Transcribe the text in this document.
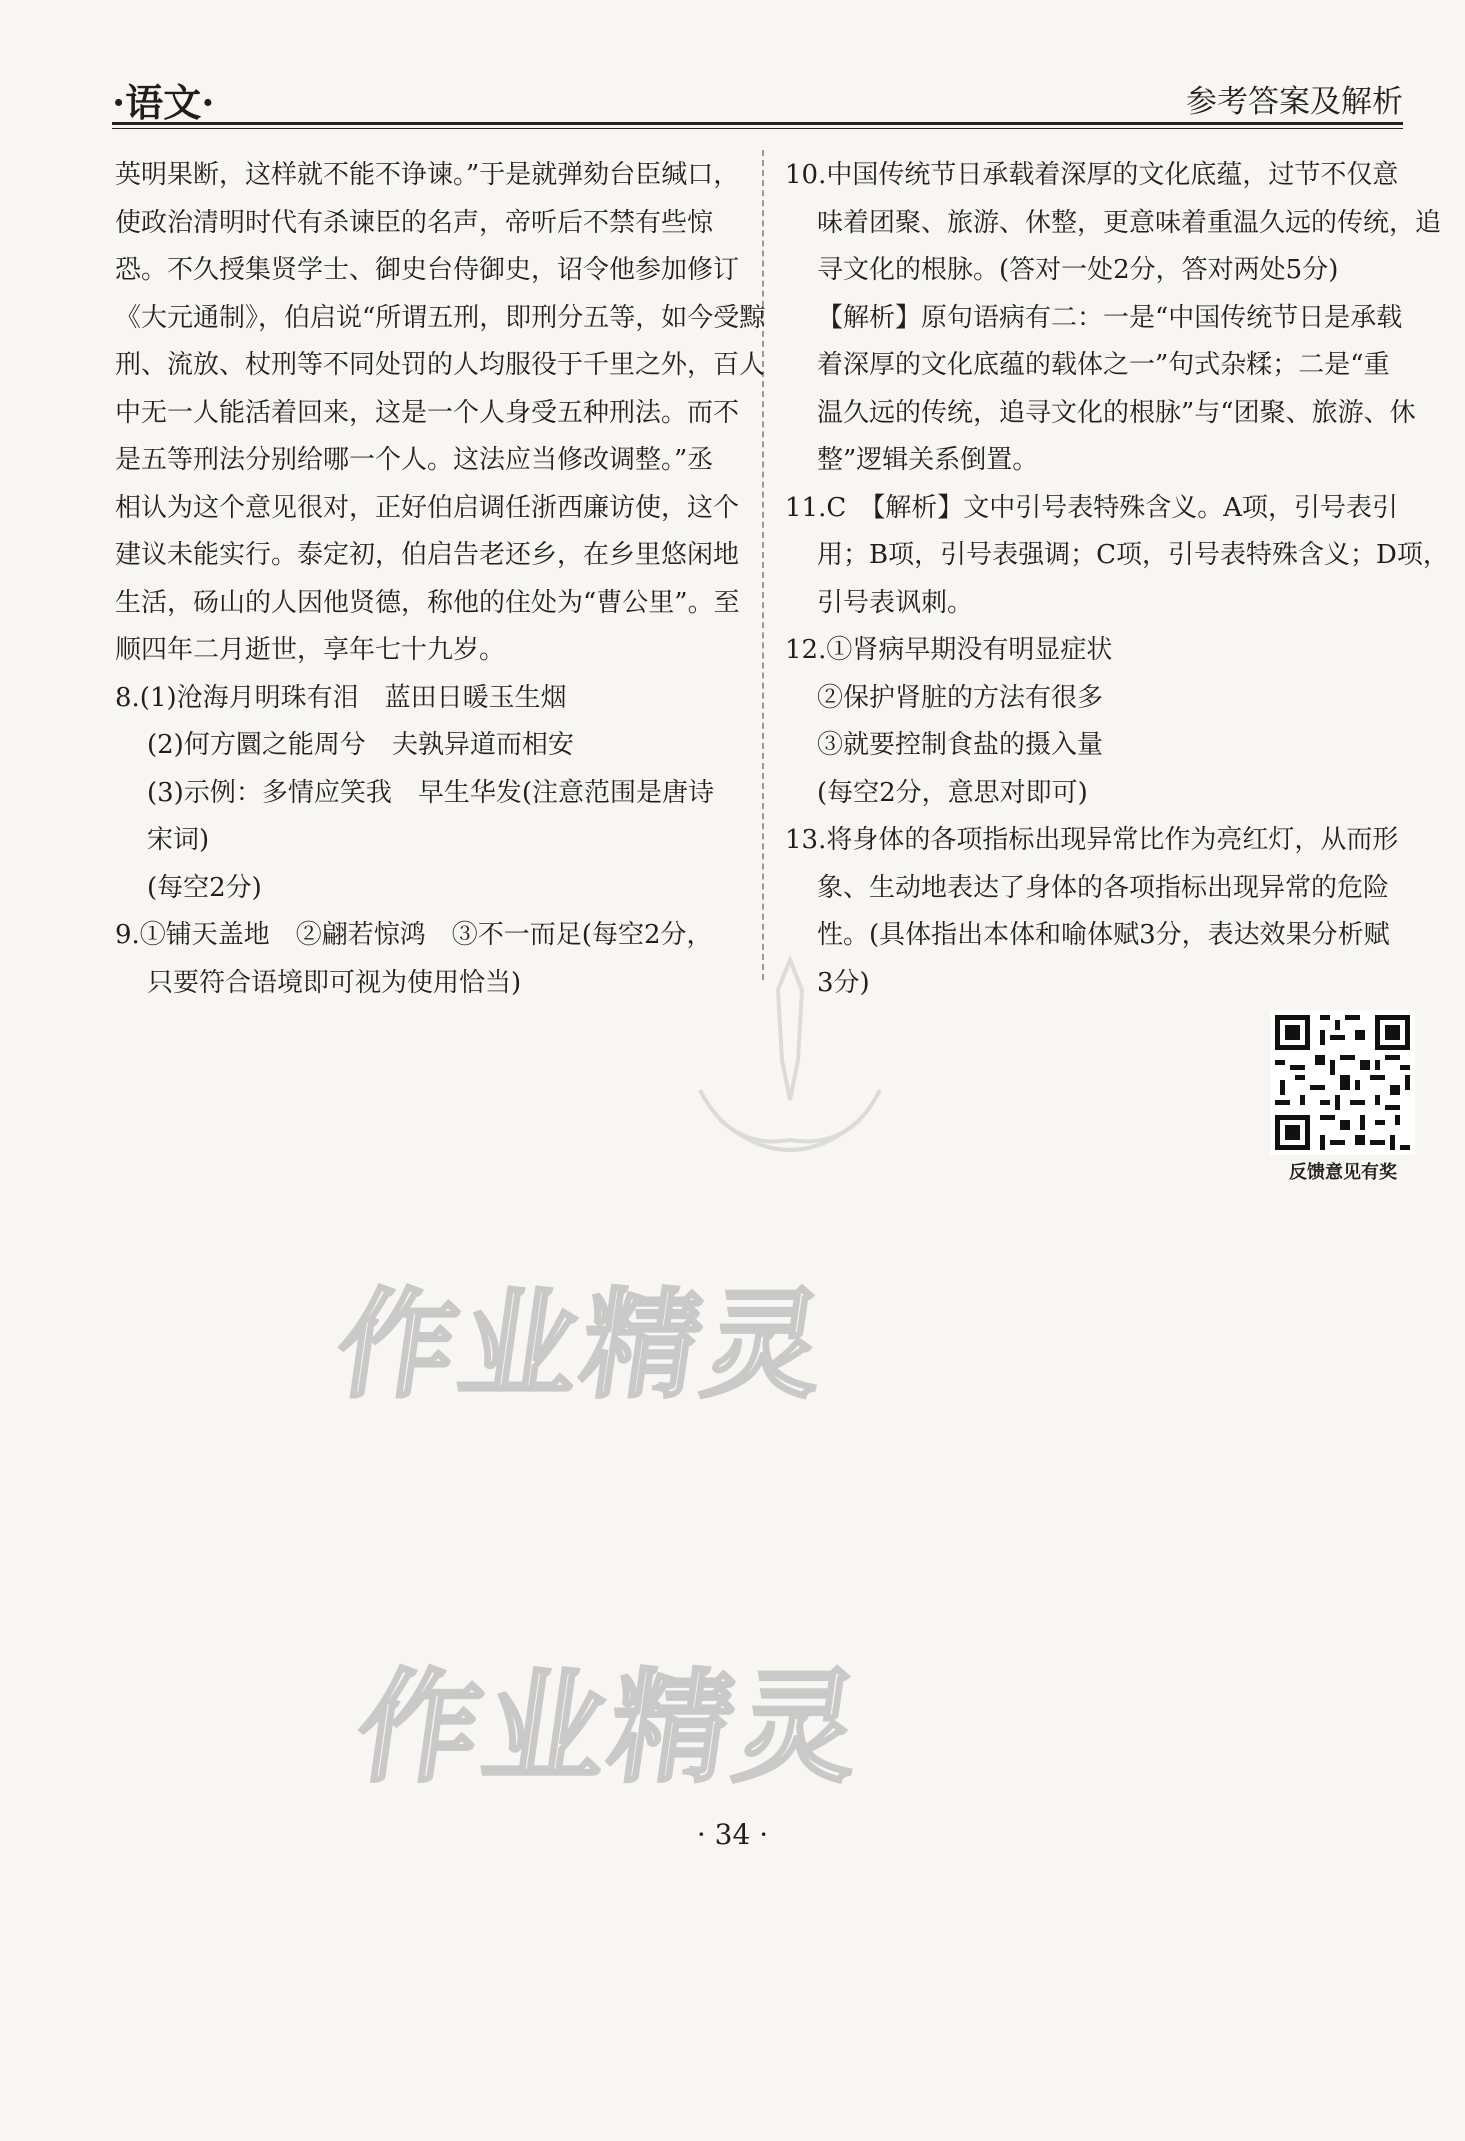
·语文·	参考答案及解析
英明果断，这样就不能不诤谏。”于是就弹劾台臣缄口，
使政治清明时代有杀谏臣的名声，帝听后不禁有些惊
恐。不久授集贤学士、御史台侍御史，诏令他参加修订
《大元通制》，伯启说“所谓五刑，即刑分五等，如今受黥
刑、流放、杖刑等不同处罚的人均服役于千里之外，百人
中无一人能活着回来，这是一个人身受五种刑法。而不
是五等刑法分别给哪一个人。这法应当修改调整。”丞
相认为这个意见很对，正好伯启调任浙西廉访使，这个
建议未能实行。泰定初，伯启告老还乡，在乡里悠闲地
生活，砀山的人因他贤德，称他的住处为“曹公里”。至
顺四年二月逝世，享年七十九岁。
8.(1)沧海月明珠有泪　蓝田日暖玉生烟
(2)何方圜之能周兮　夫孰异道而相安
(3)示例：多情应笑我　早生华发(注意范围是唐诗
宋词)
(每空2分)
9.①铺天盖地　②翩若惊鸿　③不一而足(每空2分，
只要符合语境即可视为使用恰当)
10.中国传统节日承载着深厚的文化底蕴，过节不仅意
味着团聚、旅游、休整，更意味着重温久远的传统，追
寻文化的根脉。(答对一处2分，答对两处5分)
【解析】原句语病有二：一是“中国传统节日是承载
着深厚的文化底蕴的载体之一”句式杂糅；二是“重
温久远的传统，追寻文化的根脉”与“团聚、旅游、休
整”逻辑关系倒置。
11.C　【解析】文中引号表特殊含义。A项，引号表引
用；B项，引号表强调；C项，引号表特殊含义；D项，
引号表讽刺。
12.①肾病早期没有明显症状
②保护肾脏的方法有很多
③就要控制食盐的摄入量
(每空2分，意思对即可)
13.将身体的各项指标出现异常比作为亮红灯，从而形
象、生动地表达了身体的各项指标出现异常的危险
性。(具体指出本体和喻体赋3分，表达效果分析赋
3分)
反馈意见有奖
作业精灵
作业精灵
· 34 ·
